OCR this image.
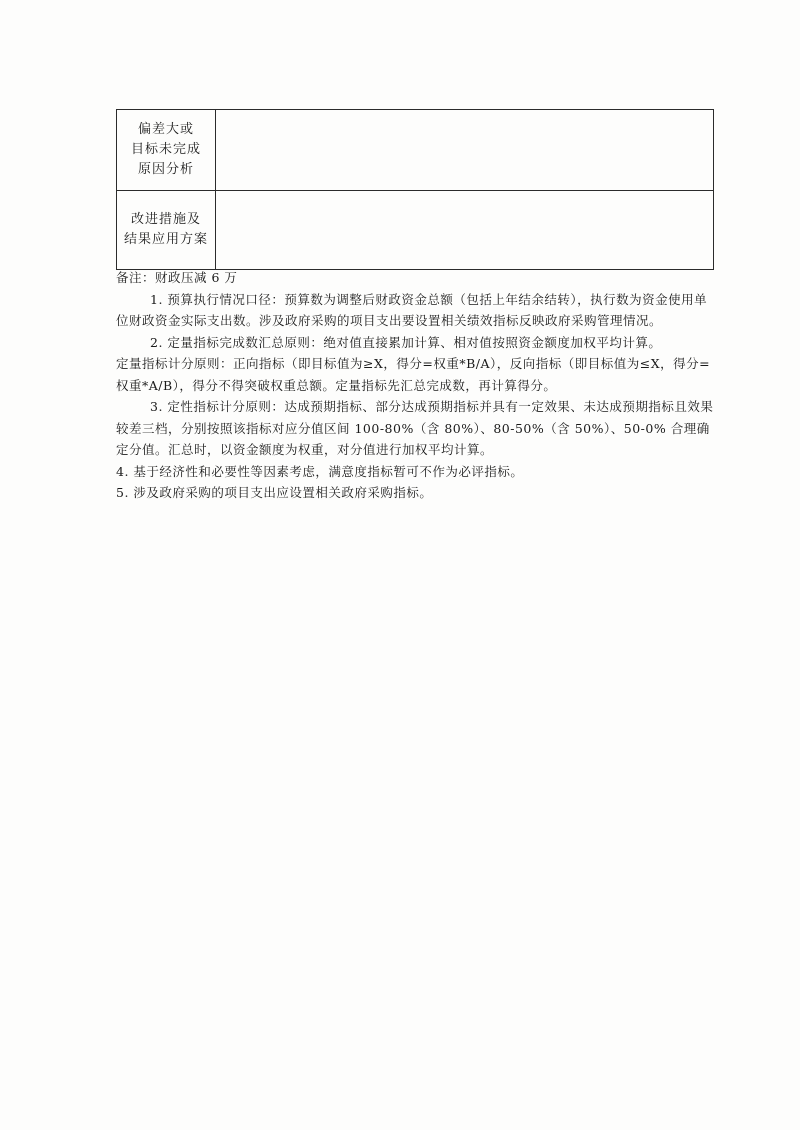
偏差大或
目标未完成
原因分析	

改进措施及
结果应用方案	

备注：财政压减 6 万

1. 预算执行情况口径：预算数为调整后财政资金总额（包括上年结余结转），执行数为资金使用单位财政资金实际支出数。涉及政府采购的项目支出要设置相关绩效指标反映政府采购管理情况。

2. 定量指标完成数汇总原则：绝对值直接累加计算、相对值按照资金额度加权平均计算。

定量指标计分原则：正向指标（即目标值为≥X，得分=权重*B/A），反向指标（即目标值为≤X，得分=权重*A/B），得分不得突破权重总额。定量指标先汇总完成数，再计算得分。

3. 定性指标计分原则：达成预期指标、部分达成预期指标并具有一定效果、未达成预期指标且效果较差三档，分别按照该指标对应分值区间 100-80%（含 80%）、80-50%（含 50%）、50-0% 合理确定分值。汇总时，以资金额度为权重，对分值进行加权平均计算。

4. 基于经济性和必要性等因素考虑，满意度指标暂可不作为必评指标。

5. 涉及政府采购的项目支出应设置相关政府采购指标。
